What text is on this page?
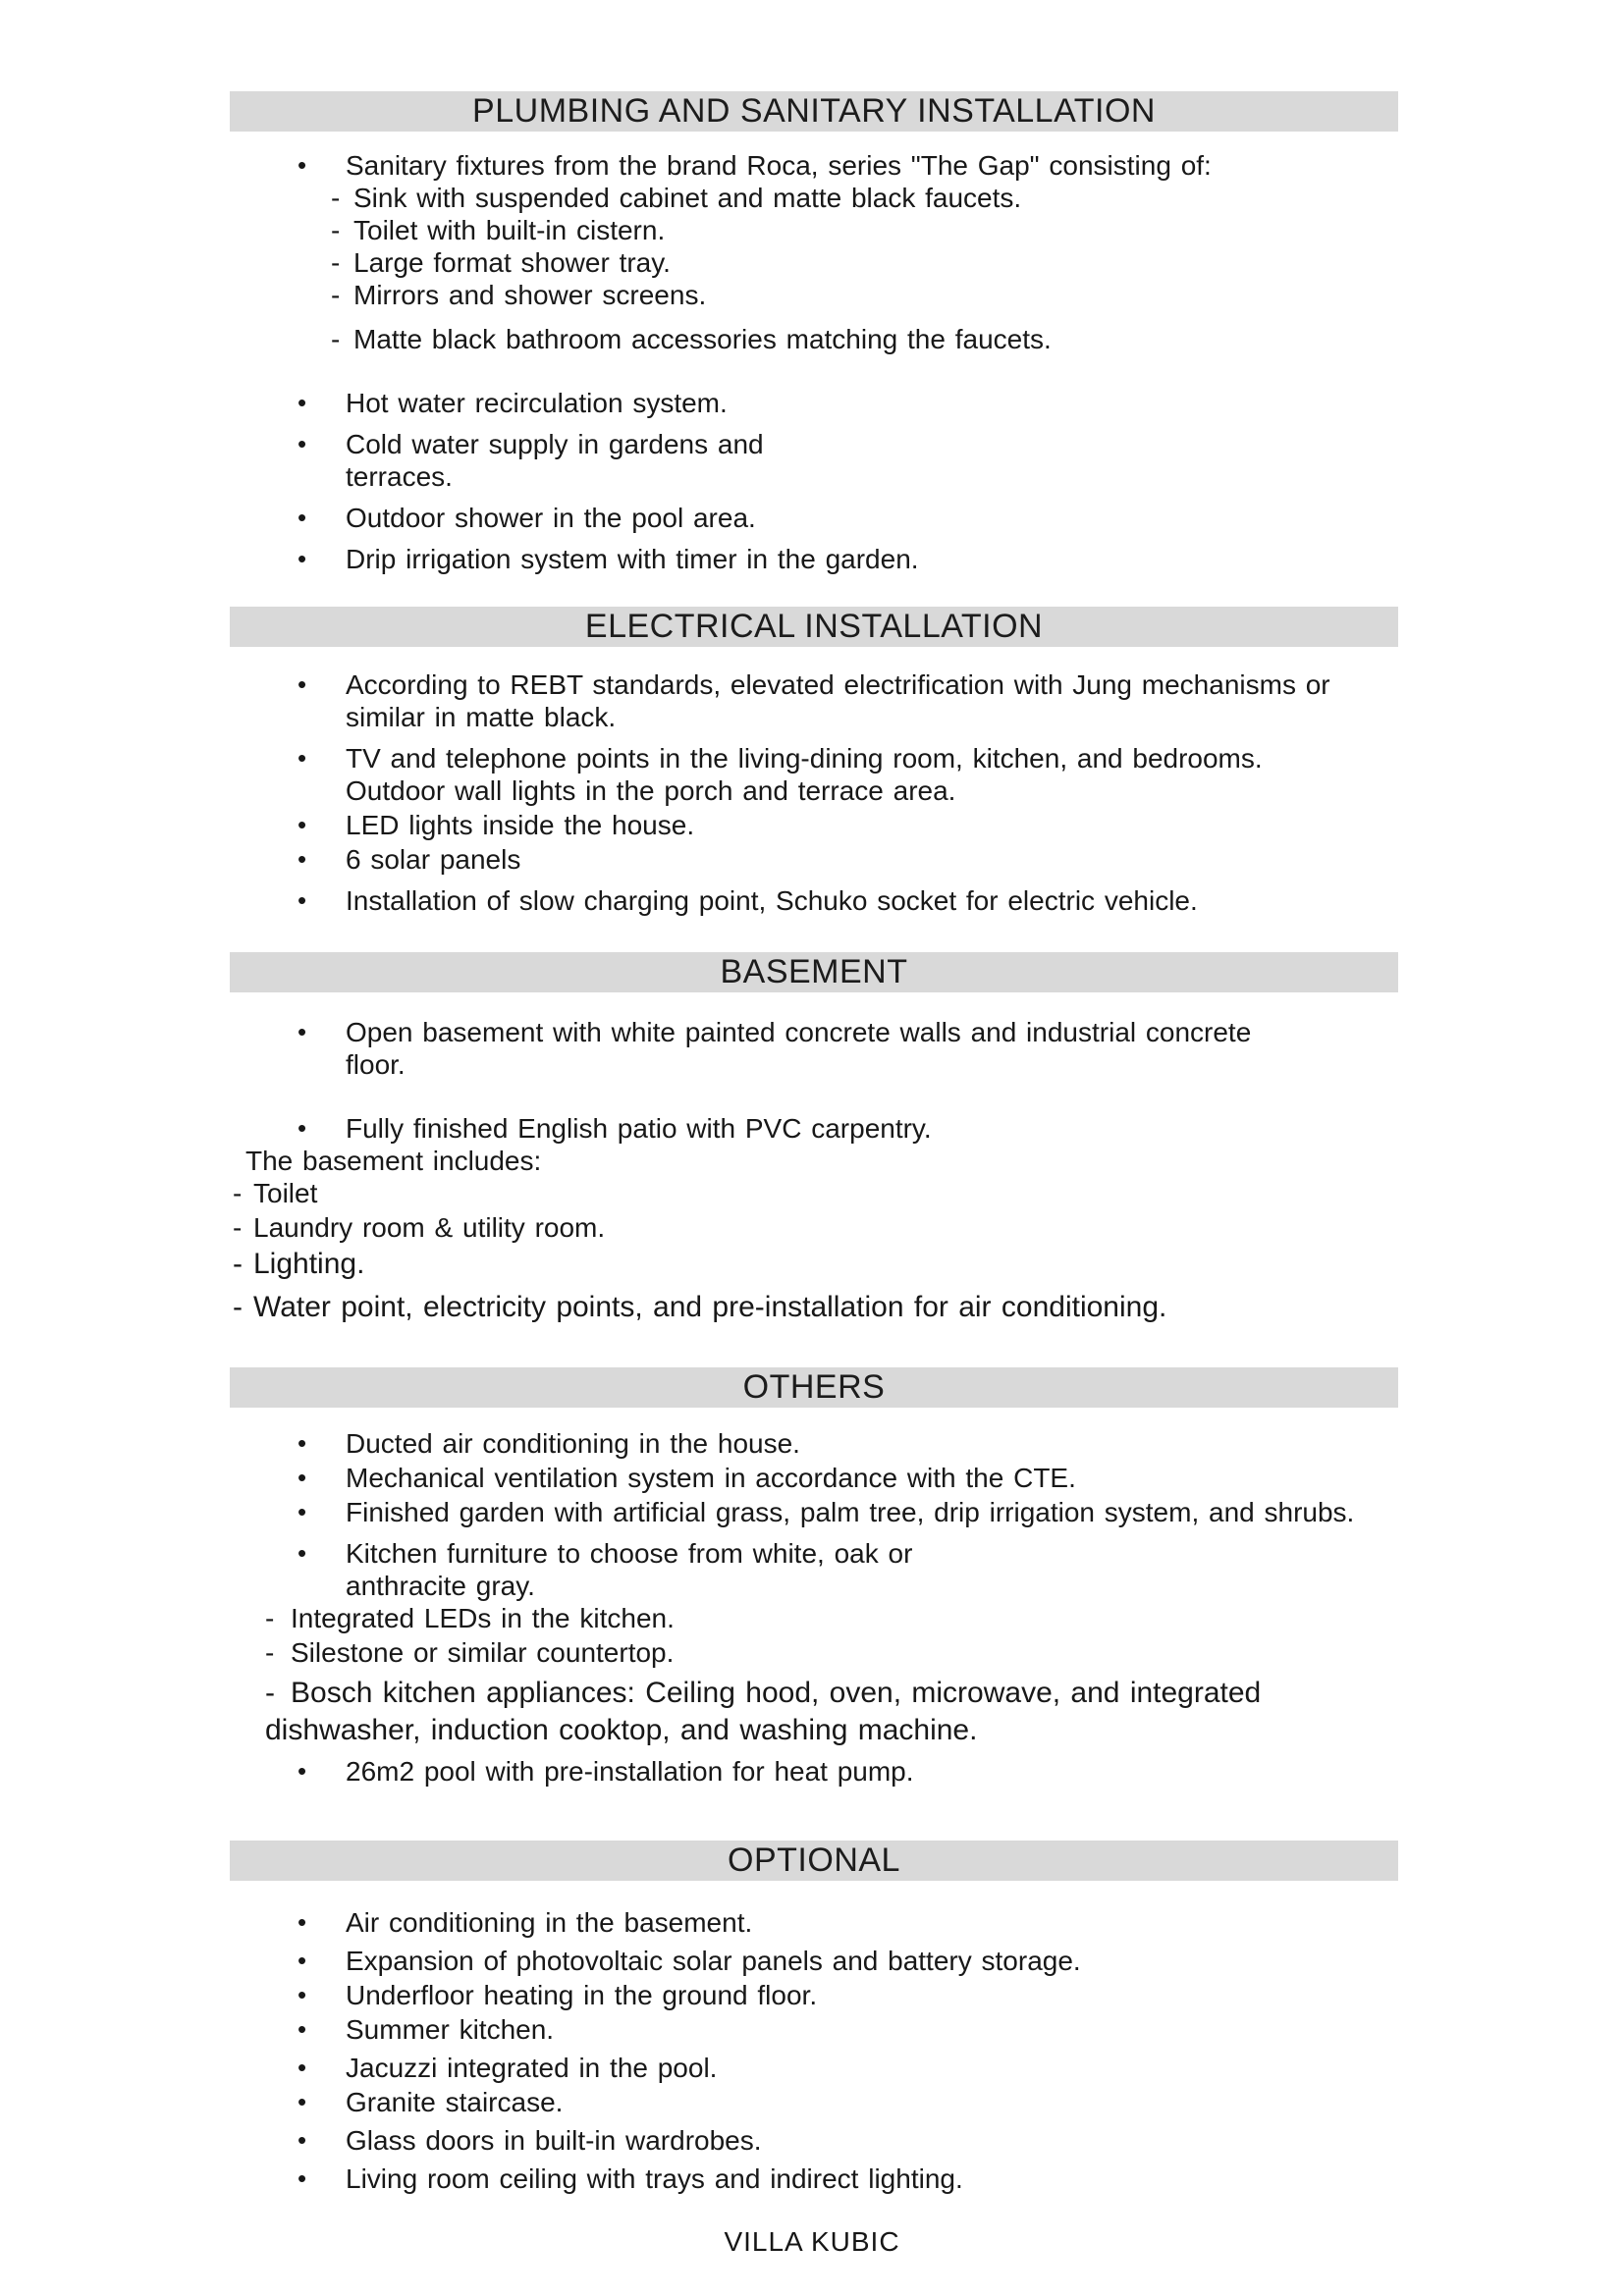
PLUMBING AND SANITARY INSTALLATION
•	Sanitary fixtures from the brand Roca, series "The Gap" consisting of:
- Sink with suspended cabinet and matte black faucets.
- Toilet with built-in cistern.
- Large format shower tray.
- Mirrors and shower screens.
- Matte black bathroom accessories matching the faucets.
•	Hot water recirculation system.
•	Cold water supply in gardens and
terraces.
•	Outdoor shower in the pool area.
•	Drip irrigation system with timer in the garden.
ELECTRICAL INSTALLATION
•	According to REBT standards, elevated electrification with Jung mechanisms or
similar in matte black.
•	TV and telephone points in the living-dining room, kitchen, and bedrooms.
Outdoor wall lights in the porch and terrace area.
•	LED lights inside the house.
•	6 solar panels
•	Installation of slow charging point, Schuko socket for electric vehicle.
BASEMENT
•	Open basement with white painted concrete walls and industrial concrete
floor.
•	Fully finished English patio with PVC carpentry.
The basement includes:
- Toilet
- Laundry room & utility room.
- Lighting.
- Water point, electricity points, and pre-installation for air conditioning.
OTHERS
•	Ducted air conditioning in the house.
•	Mechanical ventilation system in accordance with the CTE.
•	Finished garden with artificial grass, palm tree, drip irrigation system, and shrubs.
•	Kitchen furniture to choose from white, oak or
anthracite gray.
- Integrated LEDs in the kitchen.
- Silestone or similar countertop.
- Bosch kitchen appliances: Ceiling hood, oven, microwave, and integrated
dishwasher, induction cooktop, and washing machine.
•	26m2 pool with pre-installation for heat pump.
OPTIONAL
•	Air conditioning in the basement.
•	Expansion of photovoltaic solar panels and battery storage.
•	Underfloor heating in the ground floor.
•	Summer kitchen.
•	Jacuzzi integrated in the pool.
•	Granite staircase.
•	Glass doors in built-in wardrobes.
•	Living room ceiling with trays and indirect lighting.
VILLA KUBIC
